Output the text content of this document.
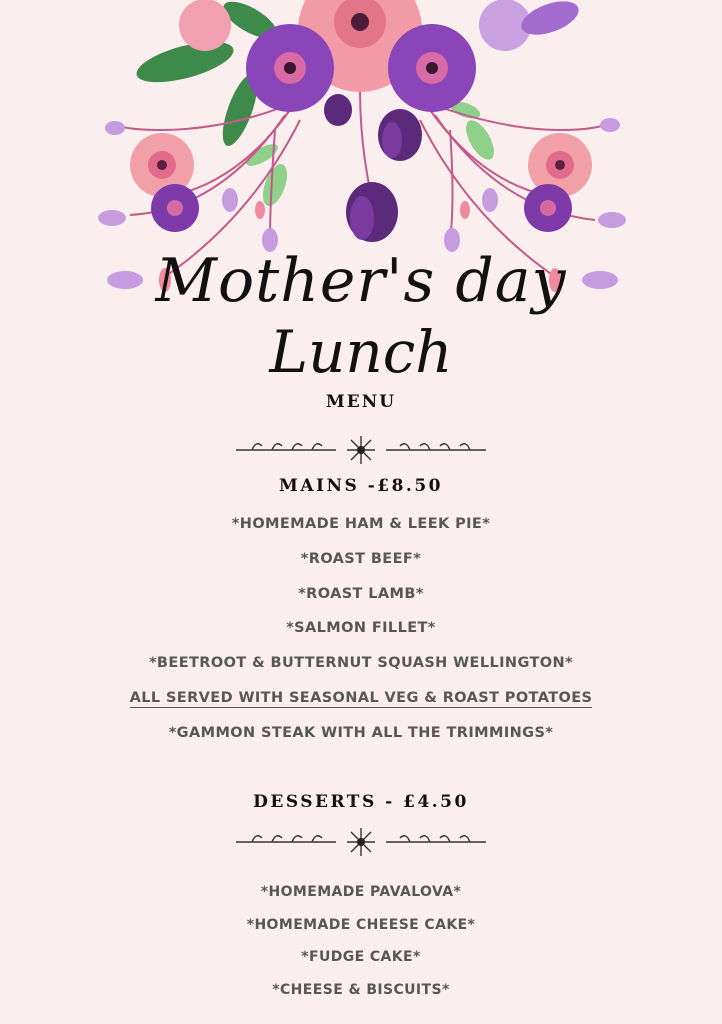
Mother's day
Lunch
MENU
MAINS -£8.50
*HOMEMADE HAM & LEEK PIE*
*ROAST BEEF*
*ROAST LAMB*
*SALMON FILLET*
*BEETROOT & BUTTERNUT SQUASH WELLINGTON*
ALL SERVED WITH SEASONAL VEG & ROAST POTATOES
*GAMMON STEAK WITH ALL THE TRIMMINGS*
DESSERTS - £4.50
*HOMEMADE PAVALOVA*
*HOMEMADE CHEESE CAKE*
*FUDGE CAKE*
*CHEESE & BISCUITS*
